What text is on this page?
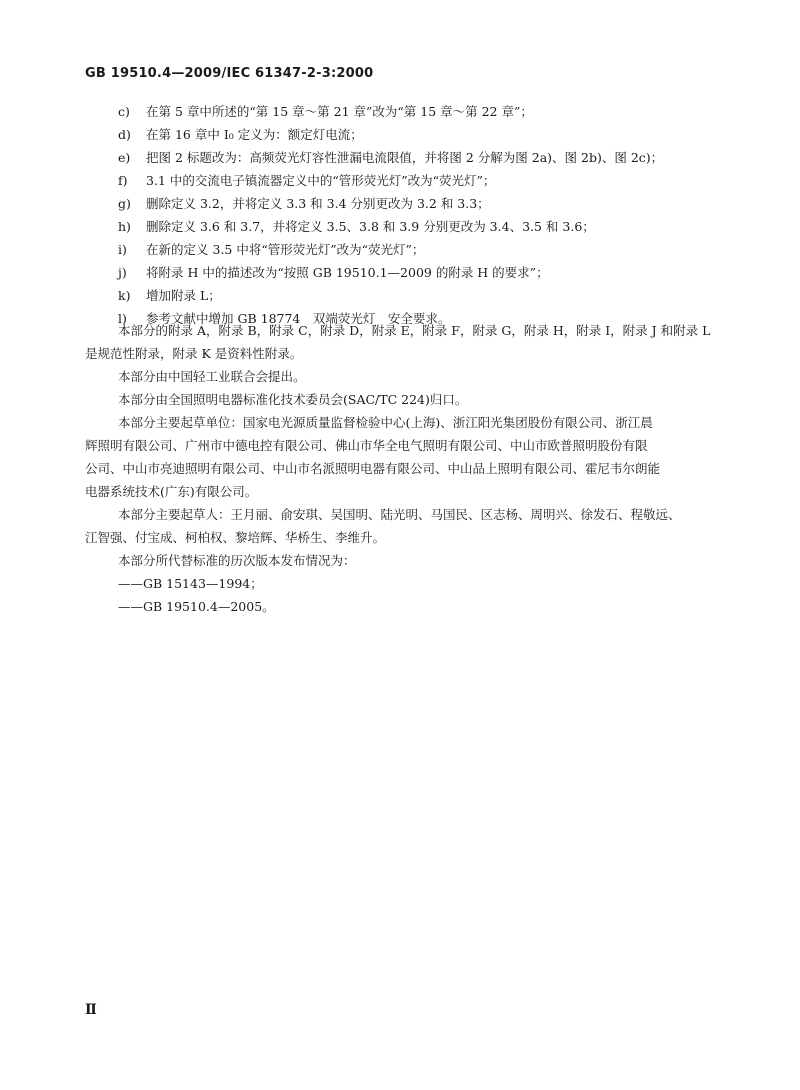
GB 19510.4—2009/IEC 61347-2-3:2000
c) 在第 5 章中所述的“第 15 章～第 21 章”改为“第 15 章～第 22 章”；
d) 在第 16 章中 I₀ 定义为：额定灯电流；
e) 把图 2 标题改为：高频荧光灯容性泄漏电流限值，并将图 2 分解为图 2a)、图 2b)、图 2c)；
f) 3.1 中的交流电子镇流器定义中的“管形荧光灯”改为“荧光灯”；
g) 删除定义 3.2，并将定义 3.3 和 3.4 分别更改为 3.2 和 3.3；
h) 删除定义 3.6 和 3.7，并将定义 3.5、3.8 和 3.9 分别更改为 3.4、3.5 和 3.6；
i) 在新的定义 3.5 中将“管形荧光灯”改为“荧光灯”；
j) 将附录 H 中的描述改为“按照 GB 19510.1—2009 的附录 H 的要求”；
k) 增加附录 L；
l) 参考文献中增加 GB 18774　双端荧光灯　安全要求。
本部分的附录 A，附录 B，附录 C，附录 D，附录 E，附录 F，附录 G，附录 H，附录 I，附录 J 和附录 L
是规范性附录，附录 K 是资料性附录。
本部分由中国轻工业联合会提出。
本部分由全国照明电器标准化技术委员会(SAC/TC 224)归口。
本部分主要起草单位：国家电光源质量监督检验中心(上海)、浙江阳光集团股份有限公司、浙江晨
辉照明有限公司、广州市中德电控有限公司、佛山市华全电气照明有限公司、中山市欧普照明股份有限
公司、中山市亮迪照明有限公司、中山市名派照明电器有限公司、中山品上照明有限公司、霍尼韦尔朗能
电器系统技术(广东)有限公司。
本部分主要起草人：王月丽、俞安琪、吴国明、陆光明、马国民、区志杨、周明兴、徐发石、程敬远、
江智强、付宝成、柯柏权、黎培辉、华桥生、李维升。
本部分所代替标准的历次版本发布情况为：
——GB 15143—1994；
——GB 19510.4—2005。
Ⅱ
